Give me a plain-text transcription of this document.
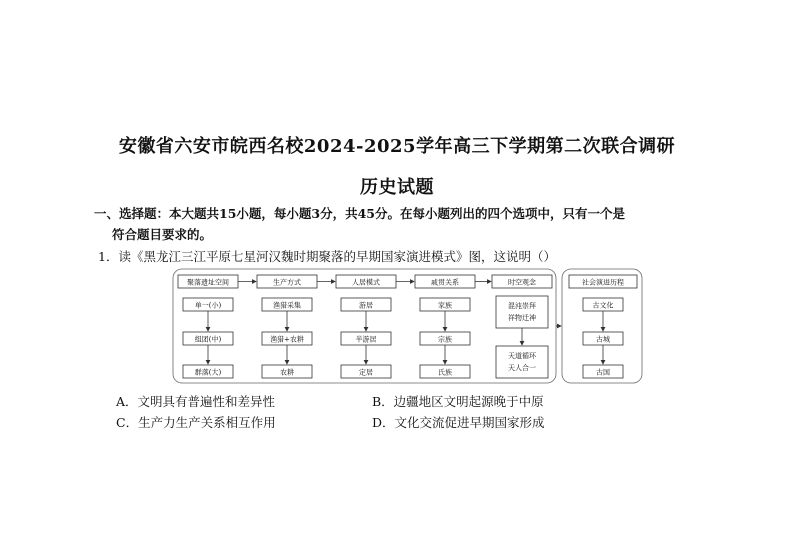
安徽省六安市皖西名校2024-2025学年高三下学期第二次联合调研
历史试题
一、选择题：本大题共15小题，每小题3分，共45分。在每小题列出的四个选项中，只有一个是
符合题目要求的。
1．读《黑龙江三江平原七星河汉魏时期聚落的早期国家演进模式》图，这说明（）
聚落遗址空间	生产方式	人居模式	戚贯关系	时空观念	社会演进历程
单一(小)
组团(中)
群落(大)
渔猎采集
渔猎+农耕
农耕
游居
半游居
定居
家族
宗族
氏族
混沌崇拜
祥物迁神
天道循环
天人合一
古文化
古城
古国
A．文明具有普遍性和差异性	B．边疆地区文明起源晚于中原
C．生产力生产关系相互作用	D．文化交流促进早期国家形成
